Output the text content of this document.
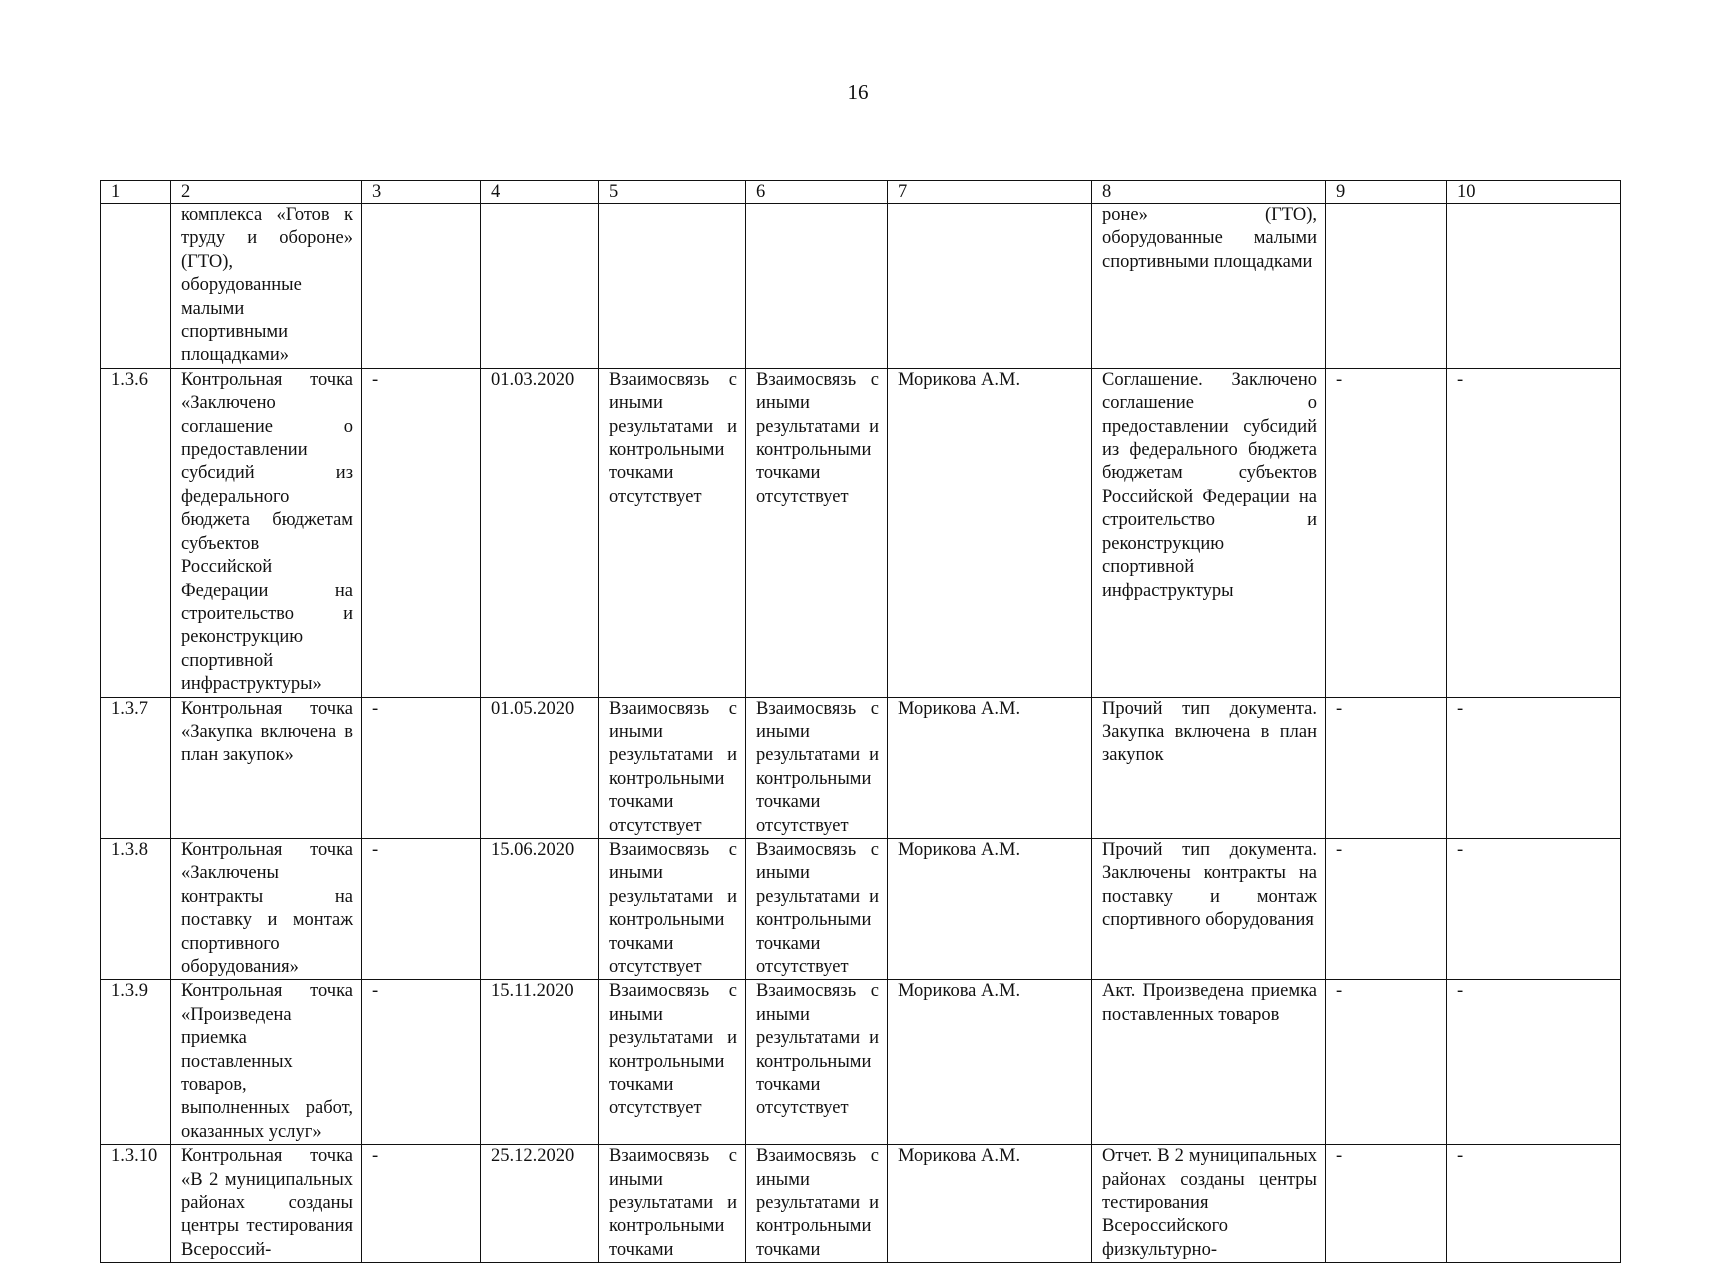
16
1	2	3	4	5	6	7	8	9	10

	комплекса «Готов к труду и обороне» (ГТО), оборудованные малыми спортивными площадками»						роне» (ГТО), оборудованные малыми спортивными площадками		

1.3.6	Контрольная точка «Заключено соглашение о предоставлении субсидий из федерального бюджета бюджетам субъектов Российской Федерации на строительство и реконструкцию спортивной инфраструктуры»	-	01.03.2020	Взаимосвязь с иными результатами и контрольными точками отсутствует	Взаимосвязь с иными результатами и контрольными точками отсутствует	Морикова А.М.	Соглашение. Заключено соглашение о предоставлении субсидий из федерального бюджета бюджетам субъектов Российской Федерации на строительство и реконструкцию спортивной инфраструктуры	-	-

1.3.7	Контрольная точка «Закупка включена в план закупок»	-	01.05.2020	Взаимосвязь с иными результатами и контрольными точками отсутствует	Взаимосвязь с иными результатами и контрольными точками отсутствует	Морикова А.М.	Прочий тип документа. Закупка включена в план закупок	-	-

1.3.8	Контрольная точка «Заключены контракты на поставку и монтаж спортивного оборудования»	-	15.06.2020	Взаимосвязь с иными результатами и контрольными точками отсутствует	Взаимосвязь с иными результатами и контрольными точками отсутствует	Морикова А.М.	Прочий тип документа. Заключены контракты на поставку и монтаж спортивного оборудования	-	-

1.3.9	Контрольная точка «Произведена приемка поставленных товаров, выполненных работ, оказанных услуг»	-	15.11.2020	Взаимосвязь с иными результатами и контрольными точками отсутствует	Взаимосвязь с иными результатами и контрольными точками отсутствует	Морикова А.М.	Акт. Произведена приемка поставленных товаров	-	-

1.3.10	Контрольная точка «В 2 муниципальных районах созданы центры тестирования Всероссий-	-	25.12.2020	Взаимосвязь с иными результатами и контрольными точками	Взаимосвязь с иными результатами и контрольными точками	Морикова А.М.	Отчет. В 2 муниципальных районах созданы центры тестирования Всероссийского физкультурно-	-	-
